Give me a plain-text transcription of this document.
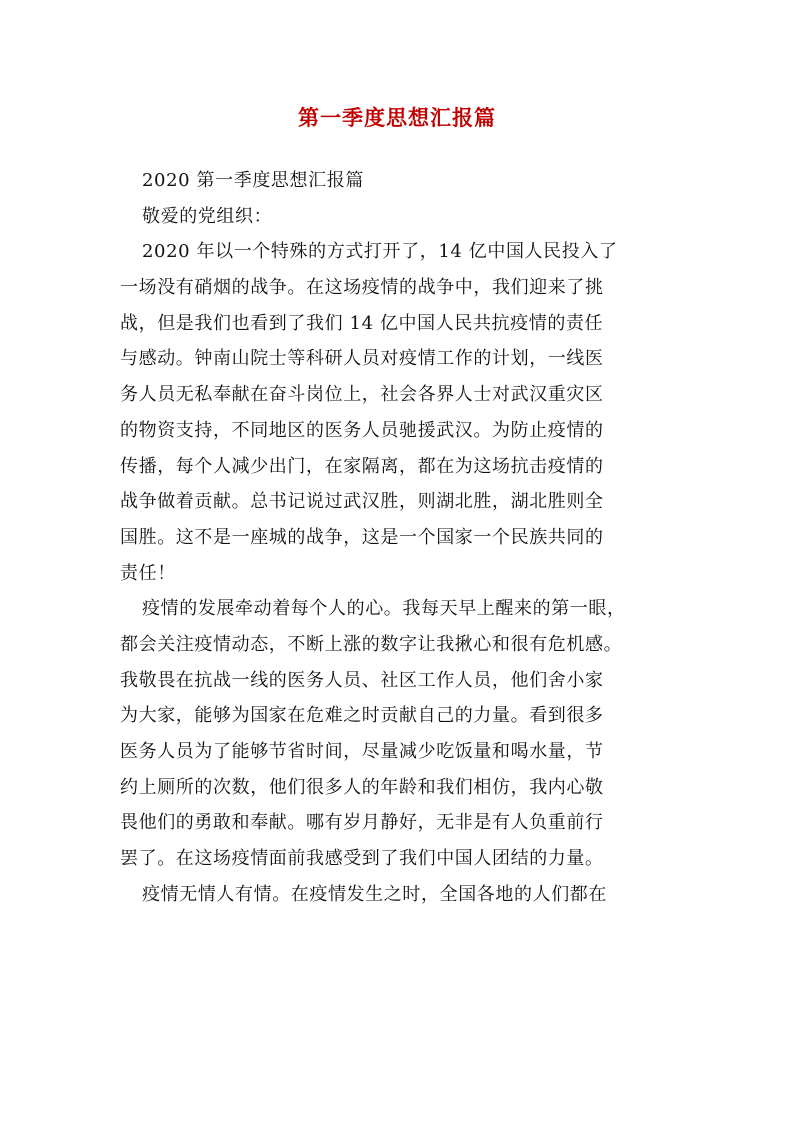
第一季度思想汇报篇
2020 第一季度思想汇报篇
敬爱的党组织：
2020 年以一个特殊的方式打开了，14 亿中国人民投入了
一场没有硝烟的战争。在这场疫情的战争中，我们迎来了挑
战，但是我们也看到了我们 14 亿中国人民共抗疫情的责任
与感动。钟南山院士等科研人员对疫情工作的计划，一线医
务人员无私奉献在奋斗岗位上，社会各界人士对武汉重灾区
的物资支持，不同地区的医务人员驰援武汉。为防止疫情的
传播，每个人减少出门，在家隔离，都在为这场抗击疫情的
战争做着贡献。总书记说过武汉胜，则湖北胜，湖北胜则全
国胜。这不是一座城的战争，这是一个国家一个民族共同的
责任！
疫情的发展牵动着每个人的心。我每天早上醒来的第一眼，
都会关注疫情动态，不断上涨的数字让我揪心和很有危机感。
我敬畏在抗战一线的医务人员、社区工作人员，他们舍小家
为大家，能够为国家在危难之时贡献自己的力量。看到很多
医务人员为了能够节省时间，尽量减少吃饭量和喝水量，节
约上厕所的次数，他们很多人的年龄和我们相仿，我内心敬
畏他们的勇敢和奉献。哪有岁月静好，无非是有人负重前行
罢了。在这场疫情面前我感受到了我们中国人团结的力量。
疫情无情人有情。在疫情发生之时，全国各地的人们都在
